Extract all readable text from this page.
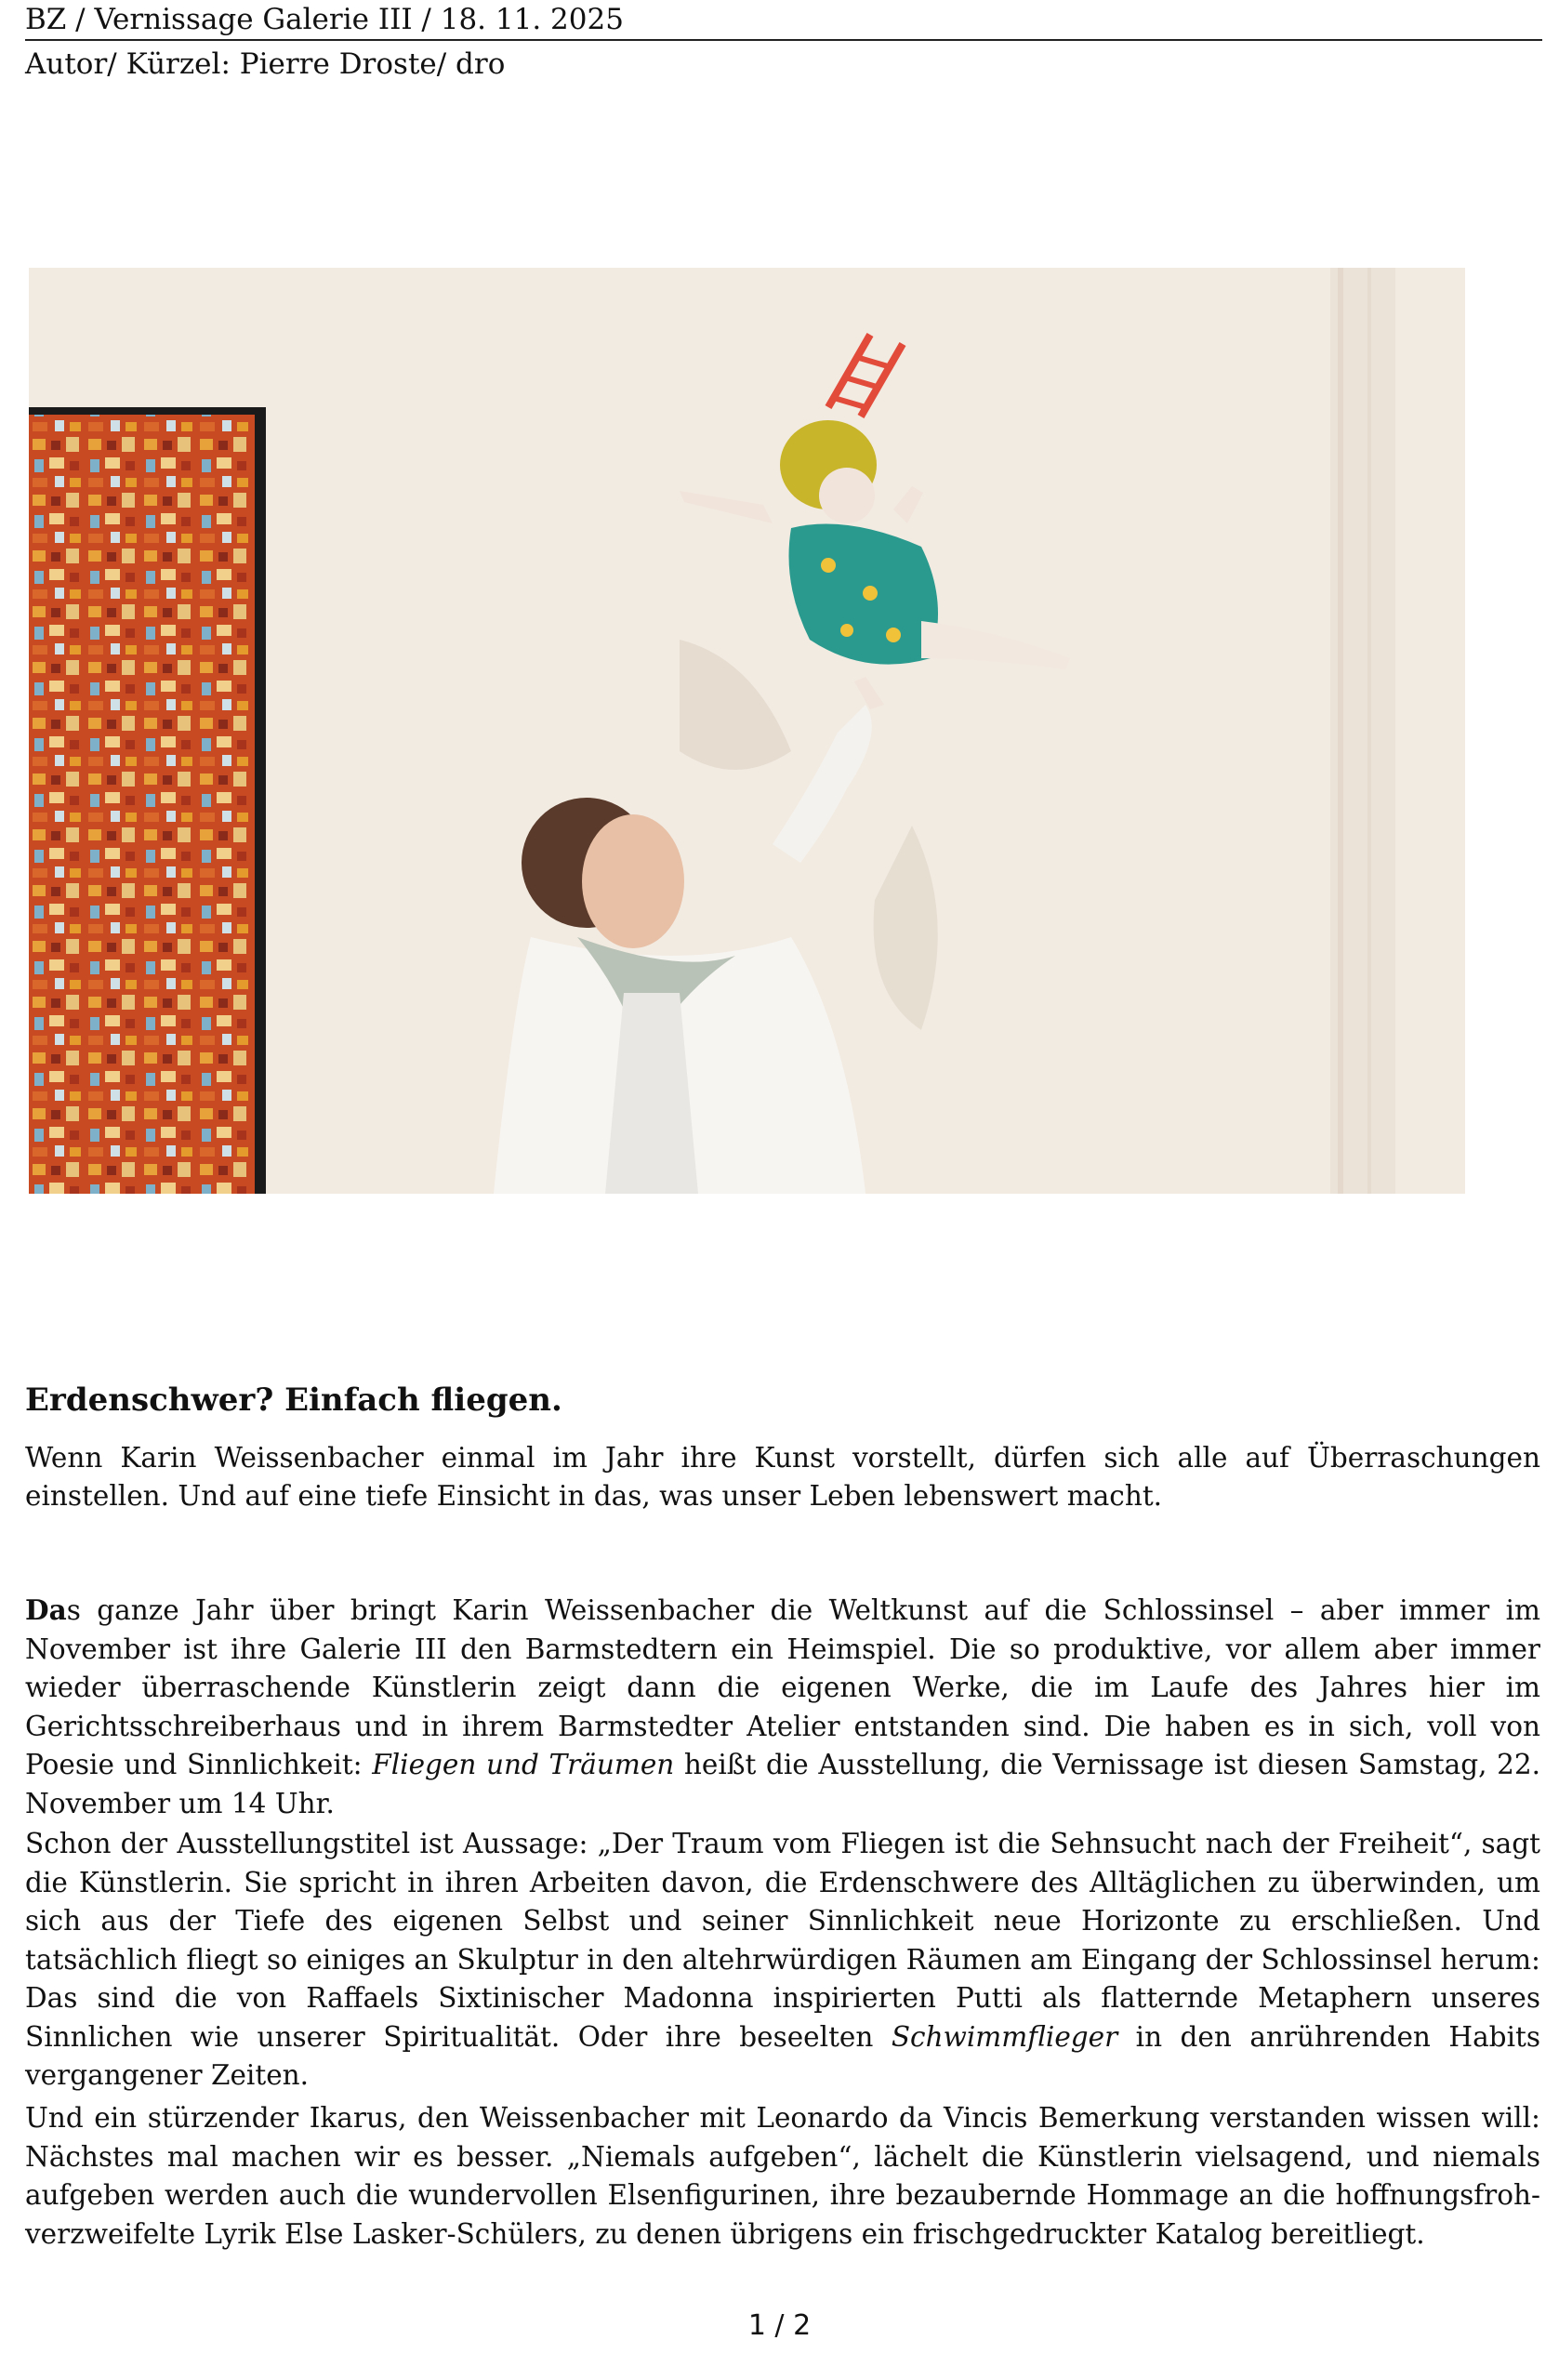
BZ / Vernissage Galerie III / 18. 11. 2025
Autor/ Kürzel: Pierre Droste/ dro
Erdenschwer? Einfach fliegen.
Wenn Karin Weissenbacher einmal im Jahr ihre Kunst vorstellt, dürfen sich alle auf Überraschungen einstellen. Und auf eine tiefe Einsicht in das, was unser Leben lebenswert macht.
Das ganze Jahr über bringt Karin Weissenbacher die Weltkunst auf die Schlossinsel – aber immer im November ist ihre Galerie III den Barmstedtern ein Heimspiel. Die so produktive, vor allem aber immer wieder überraschende Künstlerin zeigt dann die eigenen Werke, die im Laufe des Jahres hier im Gerichtsschreiberhaus und in ihrem Barmstedter Atelier entstanden sind. Die haben es in sich, voll von Poesie und Sinnlichkeit: Fliegen und Träumen heißt die Ausstellung, die Vernissage ist diesen Samstag, 22. November um 14 Uhr.
Schon der Ausstellungstitel ist Aussage: „Der Traum vom Fliegen ist die Sehnsucht nach der Freiheit“, sagt die Künstlerin. Sie spricht in ihren Arbeiten davon, die Erdenschwere des Alltäglichen zu überwinden, um sich aus der Tiefe des eigenen Selbst und seiner Sinnlichkeit neue Horizonte zu erschließen. Und tatsächlich fliegt so einiges an Skulptur in den altehrwürdigen Räumen am Eingang der Schlossinsel herum: Das sind die von Raffaels Sixtinischer Madonna inspirierten Putti als flatternde Metaphern unseres Sinnlichen wie unserer Spiritualität. Oder ihre beseelten Schwimmflieger in den anrührenden Habits vergangener Zeiten.
Und ein stürzender Ikarus, den Weissenbacher mit Leonardo da Vincis Bemerkung verstanden wissen will: Nächstes mal machen wir es besser. „Niemals aufgeben“, lächelt die Künstlerin vielsagend, und niemals aufgeben werden auch die wundervollen Elsenfigurinen, ihre bezaubernde Hommage an die hoffnungsfroh-verzweifelte Lyrik Else Lasker-Schülers, zu denen übrigens ein frischgedruckter Katalog bereitliegt.
1 / 2
